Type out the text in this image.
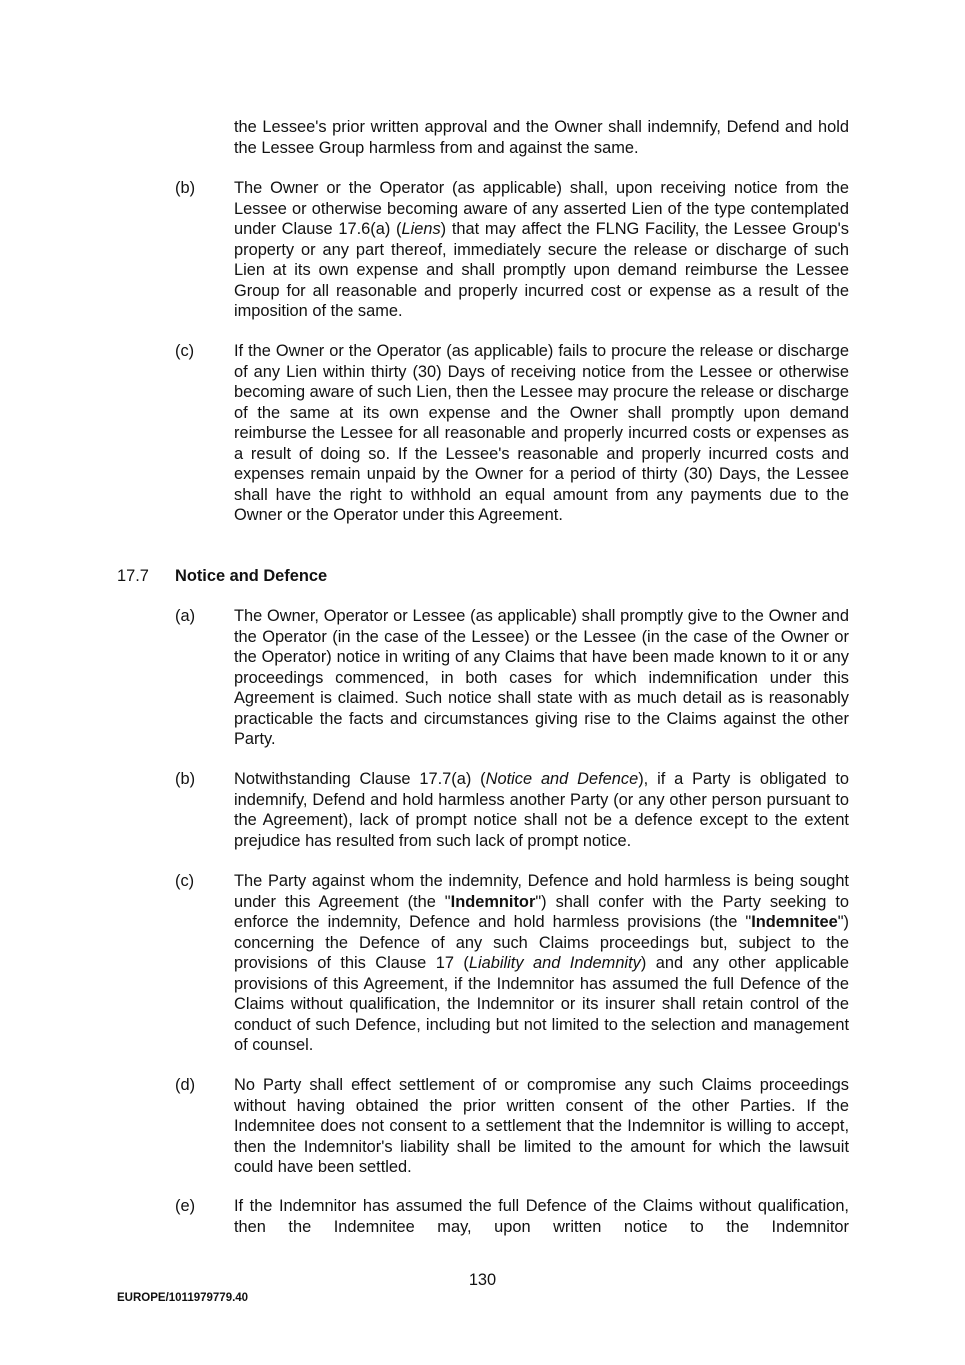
the Lessee's prior written approval and the Owner shall indemnify, Defend and hold the Lessee Group harmless from and against the same.

(b) The Owner or the Operator (as applicable) shall, upon receiving notice from the Lessee or otherwise becoming aware of any asserted Lien of the type contemplated under Clause 17.6(a) (Liens) that may affect the FLNG Facility, the Lessee Group's property or any part thereof, immediately secure the release or discharge of such Lien at its own expense and shall promptly upon demand reimburse the Lessee Group for all reasonable and properly incurred cost or expense as a result of the imposition of the same.

(c) If the Owner or the Operator (as applicable) fails to procure the release or discharge of any Lien within thirty (30) Days of receiving notice from the Lessee or otherwise becoming aware of such Lien, then the Lessee may procure the release or discharge of the same at its own expense and the Owner shall promptly upon demand reimburse the Lessee for all reasonable and properly incurred costs or expenses as a result of doing so. If the Lessee's reasonable and properly incurred costs and expenses remain unpaid by the Owner for a period of thirty (30) Days, the Lessee shall have the right to withhold an equal amount from any payments due to the Owner or the Operator under this Agreement.

17.7 Notice and Defence
(a) The Owner, Operator or Lessee (as applicable) shall promptly give to the Owner and the Operator (in the case of the Lessee) or the Lessee (in the case of the Owner or the Operator) notice in writing of any Claims that have been made known to it or any proceedings commenced, in both cases for which indemnification under this Agreement is claimed. Such notice shall state with as much detail as is reasonably practicable the facts and circumstances giving rise to the Claims against the other Party.

(b) Notwithstanding Clause 17.7(a) (Notice and Defence), if a Party is obligated to indemnify, Defend and hold harmless another Party (or any other person pursuant to the Agreement), lack of prompt notice shall not be a defence except to the extent prejudice has resulted from such lack of prompt notice.

(c) The Party against whom the indemnity, Defence and hold harmless is being sought under this Agreement (the "Indemnitor") shall confer with the Party seeking to enforce the indemnity, Defence and hold harmless provisions (the "Indemnitee") concerning the Defence of any such Claims proceedings but, subject to the provisions of this Clause 17 (Liability and Indemnity) and any other applicable provisions of this Agreement, if the Indemnitor has assumed the full Defence of the Claims without qualification, the Indemnitor or its insurer shall retain control of the conduct of such Defence, including but not limited to the selection and management of counsel.

(d) No Party shall effect settlement of or compromise any such Claims proceedings without having obtained the prior written consent of the other Parties. If the Indemnitee does not consent to a settlement that the Indemnitor is willing to accept, then the Indemnitor's liability shall be limited to the amount for which the lawsuit could have been settled.

(e) If the Indemnitor has assumed the full Defence of the Claims without qualification, then the Indemnitee may, upon written notice to the Indemnitor

130
EUROPE/1011979779.40
